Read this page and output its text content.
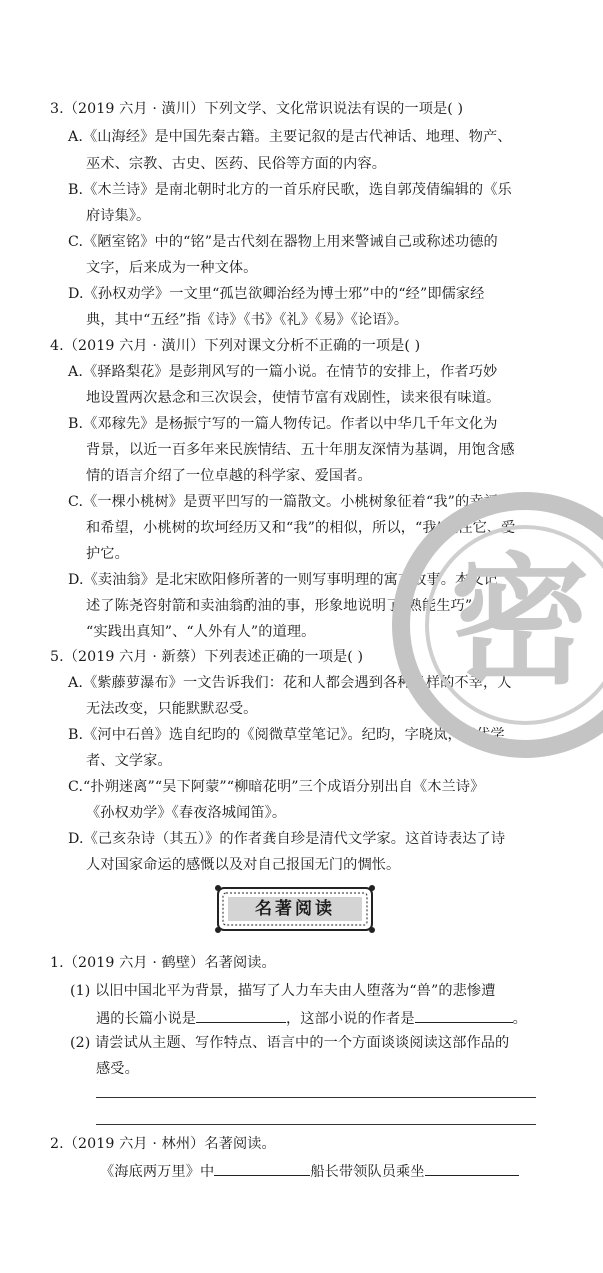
3.（2019 六月 · 潢川）下列文学、文化常识说法有误的一项是( )
A.《山海经》是中国先秦古籍。主要记叙的是古代神话、地理、物产、
巫术、宗教、古史、医药、民俗等方面的内容。
B.《木兰诗》是南北朝时北方的一首乐府民歌，选自郭茂倩编辑的《乐
府诗集》。
C.《陋室铭》中的“铭”是古代刻在器物上用来警诫自己或称述功德的
文字，后来成为一种文体。
D.《孙权劝学》一文里“孤岂欲卿治经为博士邪”中的“经”即儒家经
典，其中“五经”指《诗》《书》《礼》《易》《论语》。
4.（2019 六月 · 潢川）下列对课文分析不正确的一项是( )
A.《驿路梨花》是彭荆风写的一篇小说。在情节的安排上，作者巧妙
地设置两次悬念和三次误会，使情节富有戏剧性，读来很有味道。
B.《邓稼先》是杨振宁写的一篇人物传记。作者以中华几千年文化为
背景，以近一百多年来民族情结、五十年朋友深情为基调，用饱含感
情的语言介绍了一位卓越的科学家、爱国者。
C.《一棵小桃树》是贾平凹写的一篇散文。小桃树象征着“我”的幸福
和希望，小桃树的坎坷经历又和“我”的相似，所以，“我”关注它、爱
护它。
D.《卖油翁》是北宋欧阳修所著的一则写事明理的寓言故事。本文记
述了陈尧咨射箭和卖油翁酌油的事，形象地说明了“熟能生巧”、
“实践出真知”、“人外有人”的道理。
5.（2019 六月 · 新蔡）下列表述正确的一项是( )
A.《紫藤萝瀑布》一文告诉我们：花和人都会遇到各种各样的不幸，人
无法改变，只能默默忍受。
B.《河中石兽》选自纪昀的《阅微草堂笔记》。纪昀，字晓岚，清代学
者、文学家。
C.“扑朔迷离”“吴下阿蒙”“柳暗花明”三个成语分别出自《木兰诗》
《孙权劝学》《春夜洛城闻笛》。
D.《己亥杂诗（其五）》的作者龚自珍是清代文学家。这首诗表达了诗
人对国家命运的感慨以及对自己报国无门的惆怅。
密
名著阅读
1.（2019 六月 · 鹤壁）名著阅读。
(1) 以旧中国北平为背景，描写了人力车夫由人堕落为“兽”的悲惨遭
遇的长篇小说是	，这部小说的作者是	。
(2) 请尝试从主题、写作特点、语言中的一个方面谈谈阅读这部作品的
感受。
2.（2019 六月 · 林州）名著阅读。
《海底两万里》中	船长带领队员乘坐
